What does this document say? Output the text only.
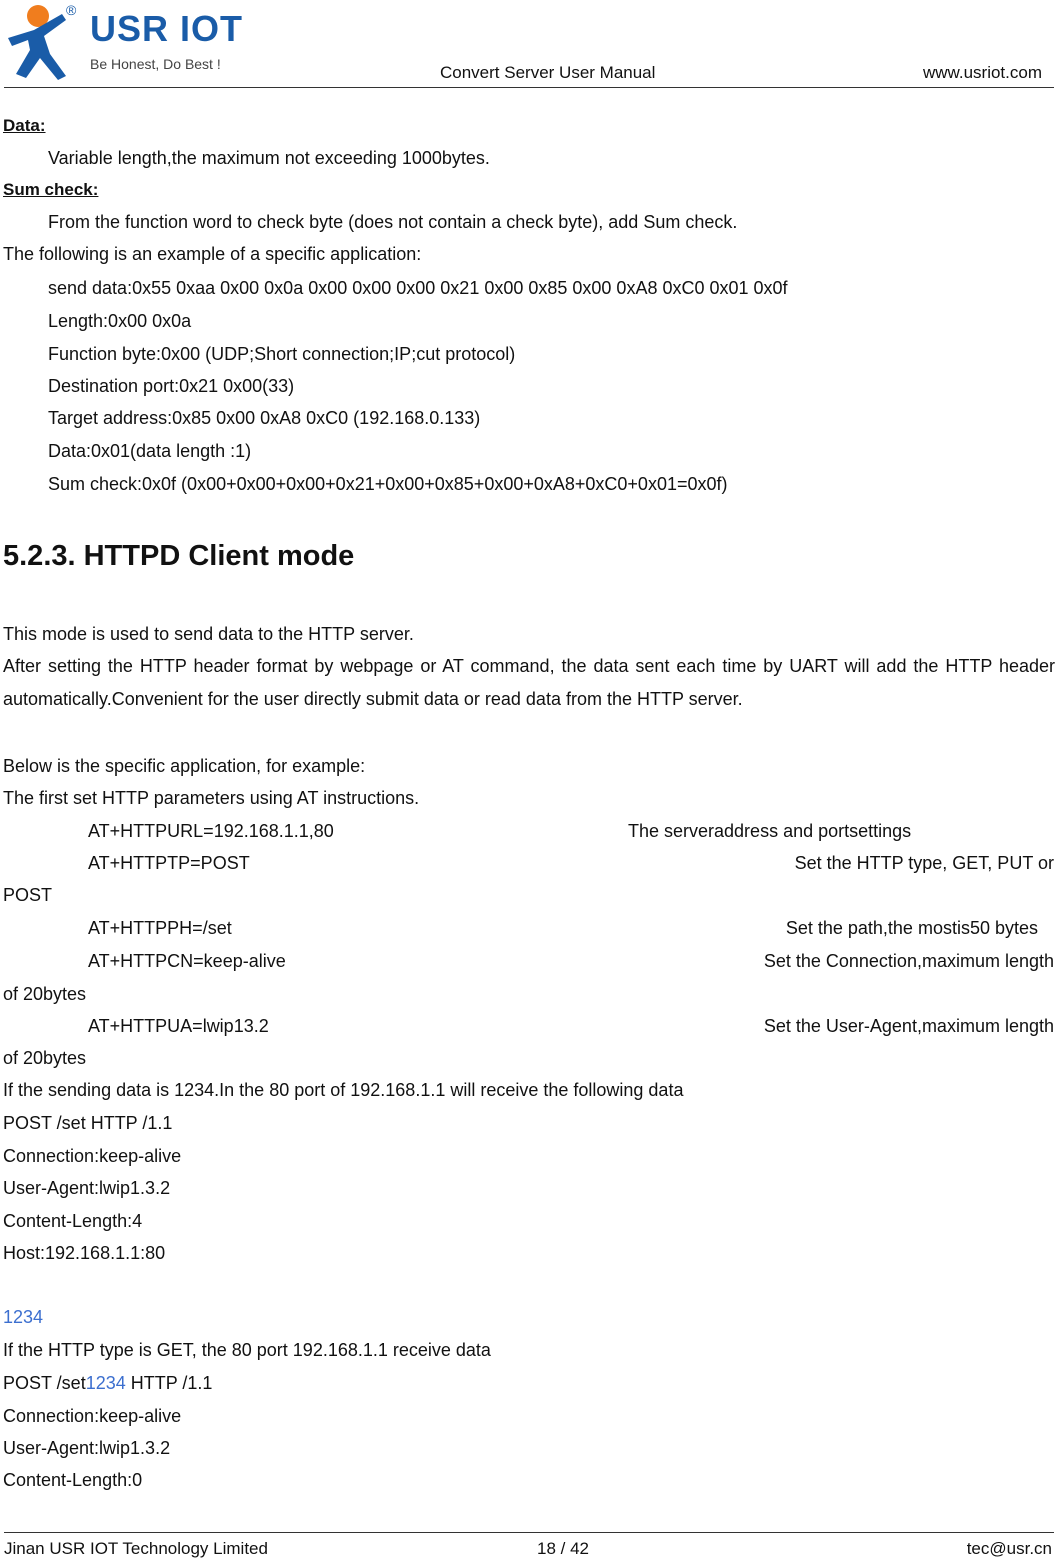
® USR IOT
Be Honest, Do Best !	Convert Server User Manual	www.usriot.com
Data:
Variable length,the maximum not exceeding 1000bytes.
Sum check:
From the function word to check byte (does not contain a check byte), add Sum check.
The following is an example of a specific application:
send data:0x55 0xaa 0x00 0x0a 0x00 0x00 0x00 0x21 0x00 0x85 0x00 0xA8 0xC0 0x01 0x0f
Length:0x00 0x0a
Function byte:0x00 (UDP;Short connection;IP;cut protocol)
Destination port:0x21 0x00(33)
Target address:0x85 0x00 0xA8 0xC0 (192.168.0.133)
Data:0x01(data length :1)
Sum check:0x0f (0x00+0x00+0x00+0x21+0x00+0x85+0x00+0xA8+0xC0+0x01=0x0f)
5.2.3. HTTPD Client mode
This mode is used to send data to the HTTP server.
After setting the HTTP header format by webpage or AT command, the data sent each time by UART will add the HTTP header automatically.Convenient for the user directly submit data or read data from the HTTP server.
Below is the specific application, for example:
The first set HTTP parameters using AT instructions.
AT+HTTPURL=192.168.1.1,80	The serveraddress and portsettings
AT+HTTPTP=POST	Set the HTTP type, GET, PUT or
POST
AT+HTTPPH=/set	Set the path,the mostis50 bytes
AT+HTTPCN=keep-alive	Set the Connection,maximum length
of 20bytes
AT+HTTPUA=lwip13.2	Set the User-Agent,maximum length
of 20bytes
If the sending data is 1234.In the 80 port of 192.168.1.1 will receive the following data
POST /set HTTP /1.1
Connection:keep-alive
User-Agent:lwip1.3.2
Content-Length:4
Host:192.168.1.1:80
1234
If the HTTP type is GET, the 80 port 192.168.1.1 receive data
POST /set1234 HTTP /1.1
Connection:keep-alive
User-Agent:lwip1.3.2
Content-Length:0
Jinan USR IOT Technology Limited	18 / 42	tec@usr.cn
